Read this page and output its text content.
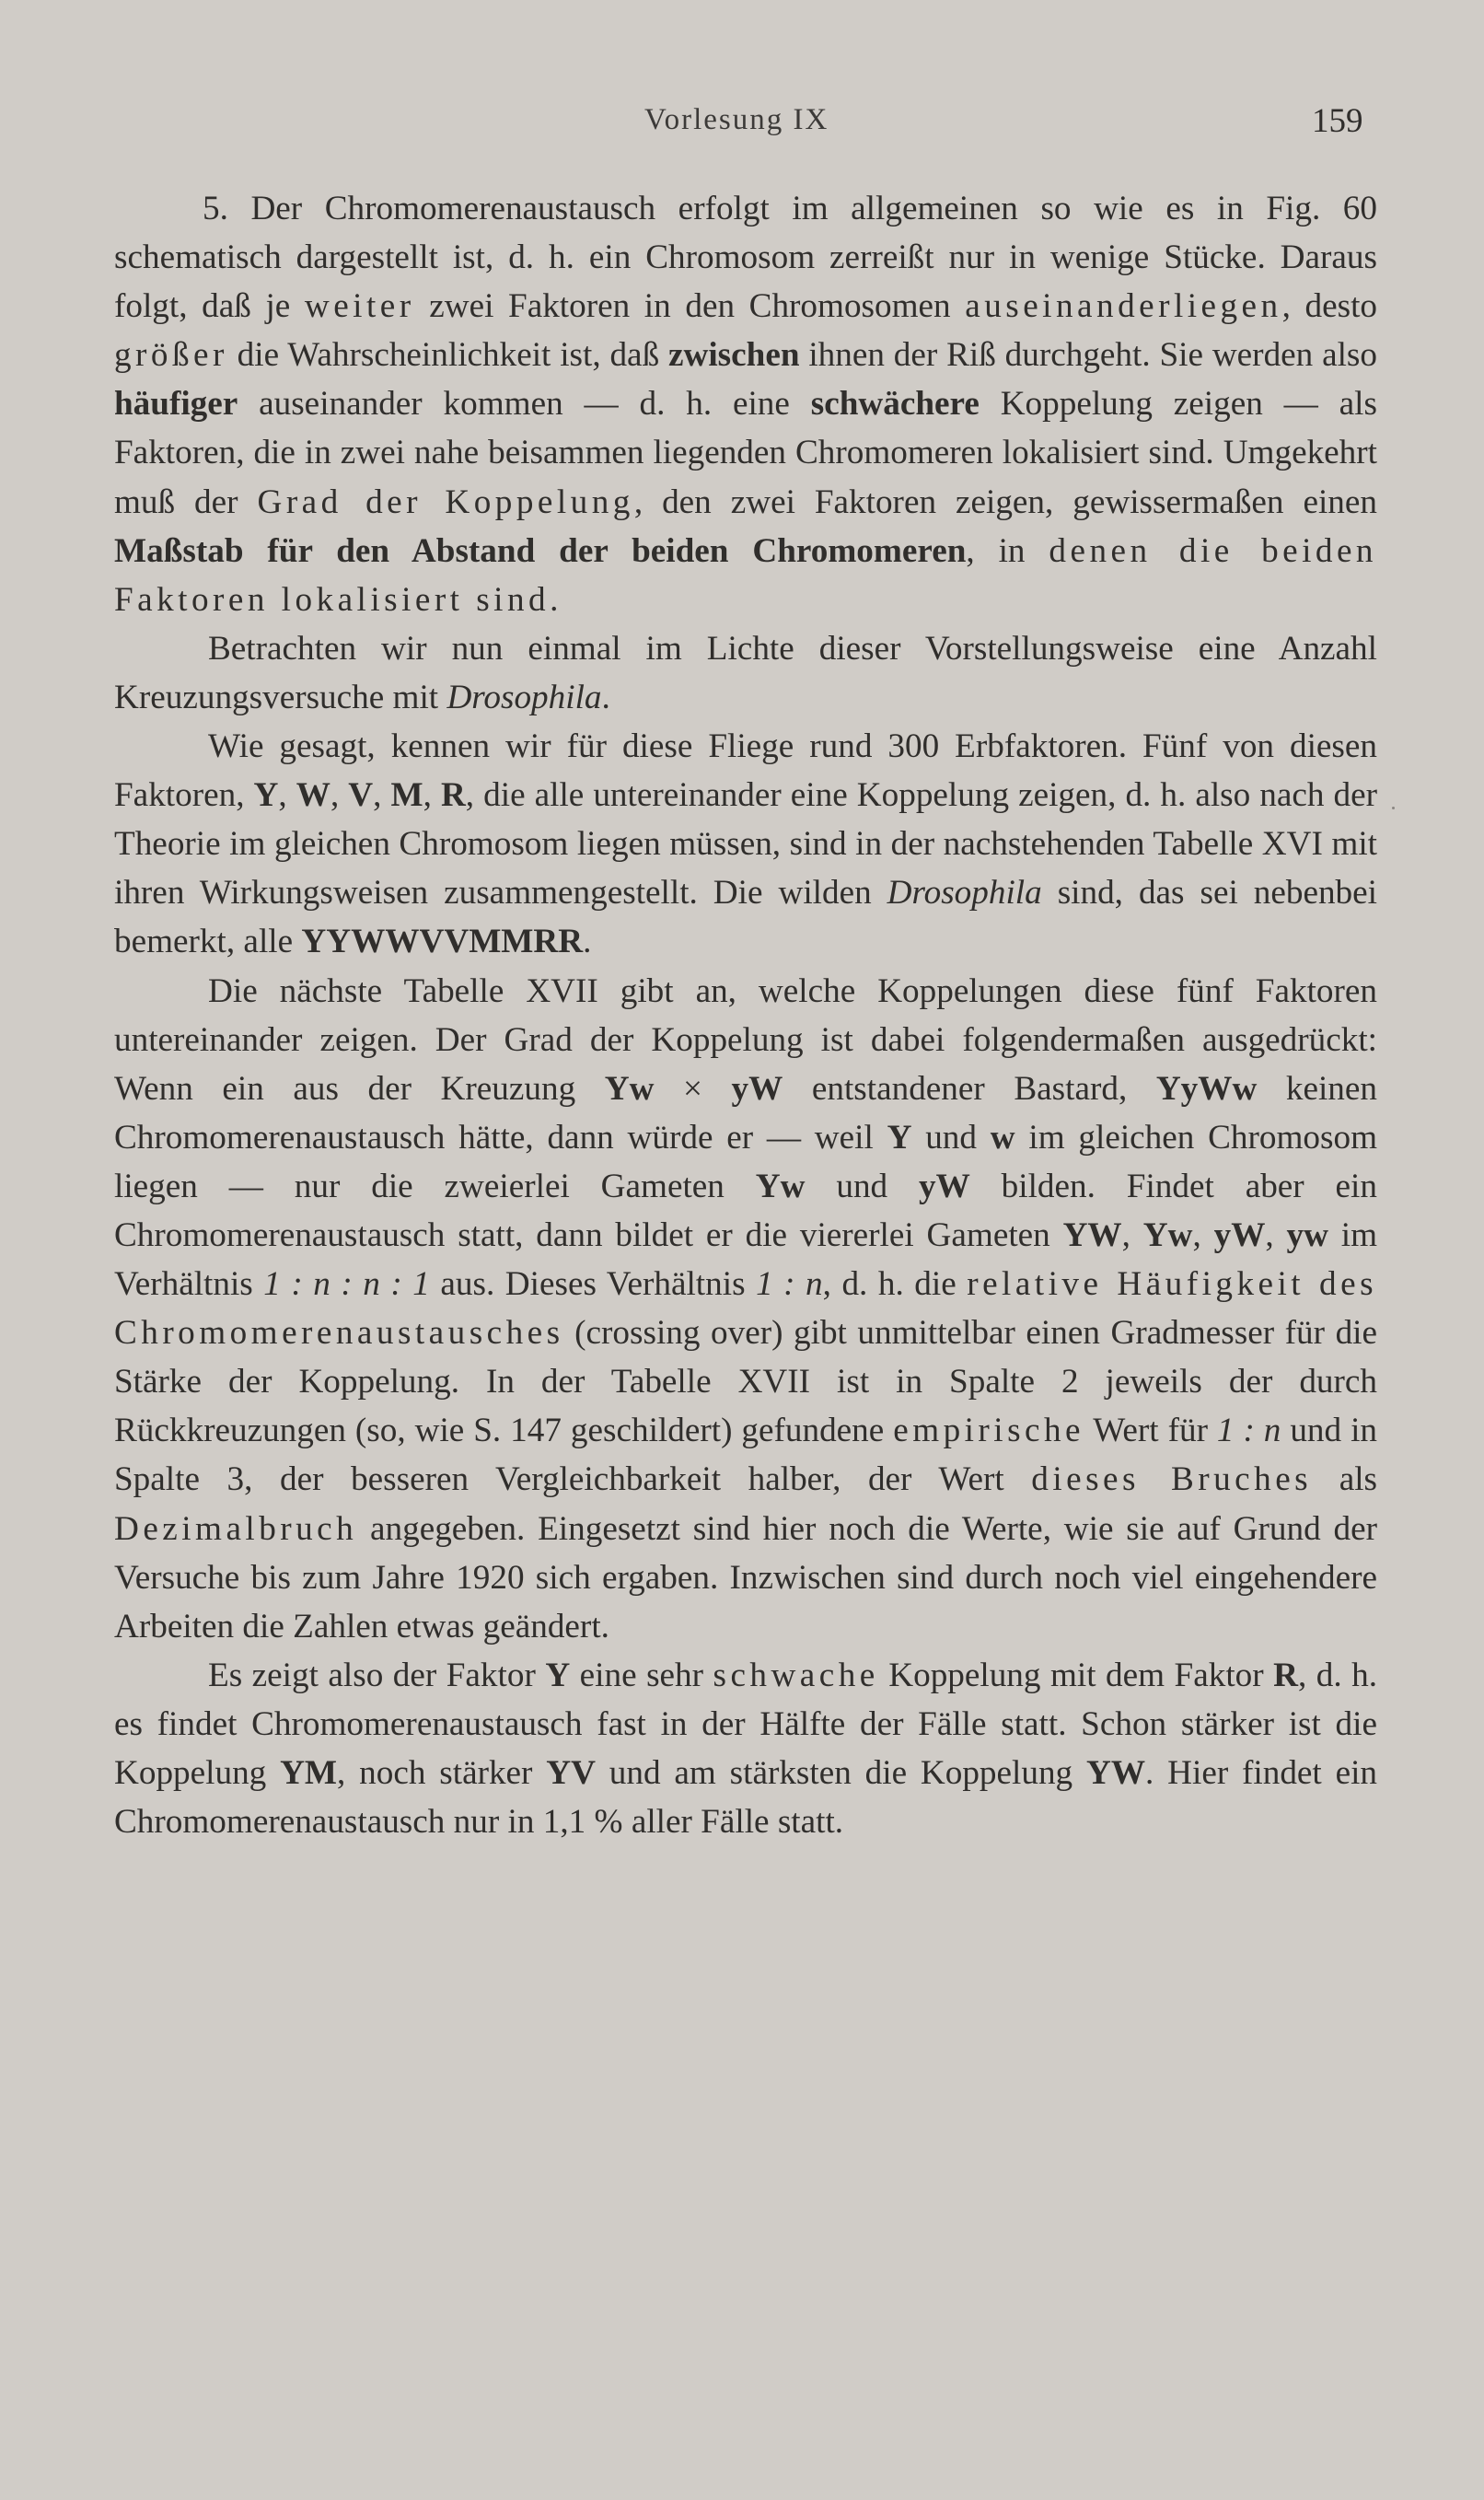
Vorlesung IX	159

5. Der Chromomerenaustausch erfolgt im allgemeinen so wie es in Fig. 60 schematisch dargestellt ist, d. h. ein Chromosom zerreißt nur in wenige Stücke. Daraus folgt, daß je weiter zwei Faktoren in den Chromosomen auseinanderliegen, desto größer die Wahrscheinlichkeit ist, daß zwischen ihnen der Riß durchgeht. Sie werden also häufiger auseinander kommen — d. h. eine schwächere Koppelung zeigen — als Faktoren, die in zwei nahe beisammen liegenden Chromomeren lokalisiert sind. Umgekehrt muß der Grad der Koppelung, den zwei Faktoren zeigen, gewissermaßen einen Maßstab für den Abstand der beiden Chromomeren, in denen die beiden Faktoren lokalisiert sind.

Betrachten wir nun einmal im Lichte dieser Vorstellungsweise eine Anzahl Kreuzungsversuche mit Drosophila.

Wie gesagt, kennen wir für diese Fliege rund 300 Erbfaktoren. Fünf von diesen Faktoren, Y, W, V, M, R, die alle untereinander eine Koppelung zeigen, d. h. also nach der Theorie im gleichen Chromosom liegen müssen, sind in der nachstehenden Tabelle XVI mit ihren Wirkungsweisen zusammengestellt. Die wilden Drosophila sind, das sei nebenbei bemerkt, alle YYWWVVMMRR.

Die nächste Tabelle XVII gibt an, welche Koppelungen diese fünf Faktoren untereinander zeigen. Der Grad der Koppelung ist dabei folgendermaßen ausgedrückt: Wenn ein aus der Kreuzung Yw × yW entstandener Bastard, YyWw keinen Chromomerenaustausch hätte, dann würde er — weil Y und w im gleichen Chromosom liegen — nur die zweierlei Gameten Yw und yW bilden. Findet aber ein Chromomerenaustausch statt, dann bildet er die viererlei Gameten YW, Yw, yW, yw im Verhältnis 1 : n : n : 1 aus. Dieses Verhältnis 1 : n, d. h. die relative Häufigkeit des Chromomerenaustausches (crossing over) gibt unmittelbar einen Gradmesser für die Stärke der Koppelung. In der Tabelle XVII ist in Spalte 2 jeweils der durch Rückkreuzungen (so, wie S. 147 geschildert) gefundene empirische Wert für 1 : n und in Spalte 3, der besseren Vergleichbarkeit halber, der Wert dieses Bruches als Dezimalbruch angegeben. Eingesetzt sind hier noch die Werte, wie sie auf Grund der Versuche bis zum Jahre 1920 sich ergaben. Inzwischen sind durch noch viel eingehendere Arbeiten die Zahlen etwas geändert.

Es zeigt also der Faktor Y eine sehr schwache Koppelung mit dem Faktor R, d. h. es findet Chromomerenaustausch fast in der Hälfte der Fälle statt. Schon stärker ist die Koppelung YM, noch stärker YV und am stärksten die Koppelung YW. Hier findet ein Chromomerenaustausch nur in 1,1 % aller Fälle statt.
